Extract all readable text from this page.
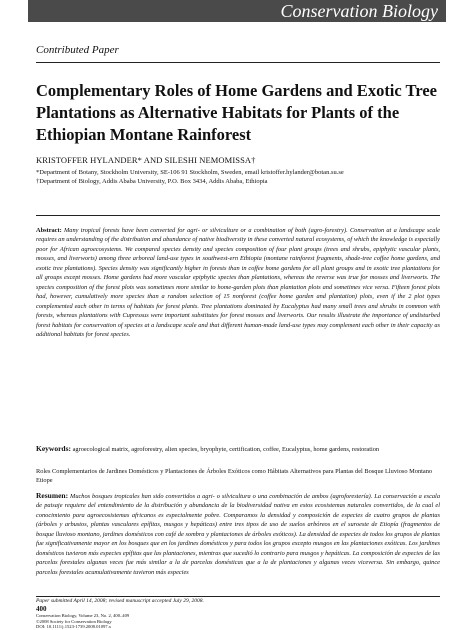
Conservation Biology
Contributed Paper
Complementary Roles of Home Gardens and Exotic Tree Plantations as Alternative Habitats for Plants of the Ethiopian Montane Rainforest
KRISTOFFER HYLANDER* AND SILESHI NEMOMISSA†
*Department of Botany, Stockholm University, SE-106 91 Stockholm, Sweden, email kristoffer.hylander@botan.su.se
†Department of Biology, Addis Ababa University, P.O. Box 3434, Addis Ababa, Ethiopia

Abstract: Many tropical forests have been converted for agri- or silviculture or a combination of both (agro-forestry). Conservation at a landscape scale requires an understanding of the distribution and abundance of native biodiversity in these converted natural ecosystems, of which the knowledge is especially poor for African agroecosystems. We compared species density and species composition of four plant groups (trees and shrubs, epiphytic vascular plants, mosses, and liverworts) among three arboreal land-use types in southwest-ern Ethiopia (montane rainforest fragments, shade-tree coffee home gardens, and exotic tree plantations). Species density was significantly higher in forests than in coffee home gardens for all plant groups and in exotic tree plantations for all groups except mosses. Home gardens had more vascular epiphytic species than plantations, whereas the reverse was true for mosses and liverworts. The species composition of the forest plots was sometimes more similar to home-garden plots than plantation plots and sometimes vice versa. Fifteen forest plots had, however, cumulatively more species than a random selection of 15 nonforest (coffee home garden and plantation) plots, even if the 2 plot types complemented each other in terms of habitats for forest plants. Tree plantations dominated by Eucalyptus had many small trees and shrubs in common with forests, whereas plantations with Cupressus were important substitutes for forest mosses and liverworts. Our results illustrate the importance of undisturbed forest habitats for conservation of species at a landscape scale and that different human-made land-use types may complement each other in their capacity as additional habitats for forest species.

Keywords: agroecological matrix, agroforestry, alien species, bryophyte, certification, coffee, Eucalyptus, home gardens, restoration

Roles Complementarios de Jardines Domésticos y Plantaciones de Árboles Exóticos como Hábitats Alternativos para Plantas del Bosque Lluvioso Montano Etiope

Resumen: Muchos bosques tropicales han sido convertidos a agri- o silvicultura o una combinación de ambos (agroforestería). La conservación a escala de paisaje requiere del entendimiento de la distribución y abundancia de la biodiversidad nativa en estos ecosistemas naturales convertidos, de la cual el conocimiento para agroecosistemas africanos es especialmente pobre. Comparamos la densidad y composición de especies de cuatro grupos de plantas (árboles y arbustos, plantas vasculares epífitas, musgos y hepáticas) entre tres tipos de uso de suelos arbóreos en el suroeste de Etiopía (fragmentos de bosque lluvioso montano, jardines domésticos con café de sombra y plantaciones de árboles exóticos). La densidad de especies de todos los grupos de plantas fue significativamente mayor en los bosques que en los jardines domésticos y para todos los grupos excepto musgos en las plantaciones exóticas. Los jardines domésticos tuvieron más especies epífitas que las plantaciones, mientras que sucedió lo contrario para musgos y hepáticas. La composición de especies de las parcelas forestales algunas veces fue más similar a la de parcelas domésticas que a la de plantaciones y algunas veces viceversa. Sin embargo, quince parcelas forestales acumulativamente tuvieron más especies

Paper submitted April 14, 2008; revised manuscript accepted July 29, 2008.
400
Conservation Biology, Volume 23, No. 2, 400–409
©2008 Society for Conservation Biology
DOI: 10.1111/j.1523-1739.2008.01097.x
